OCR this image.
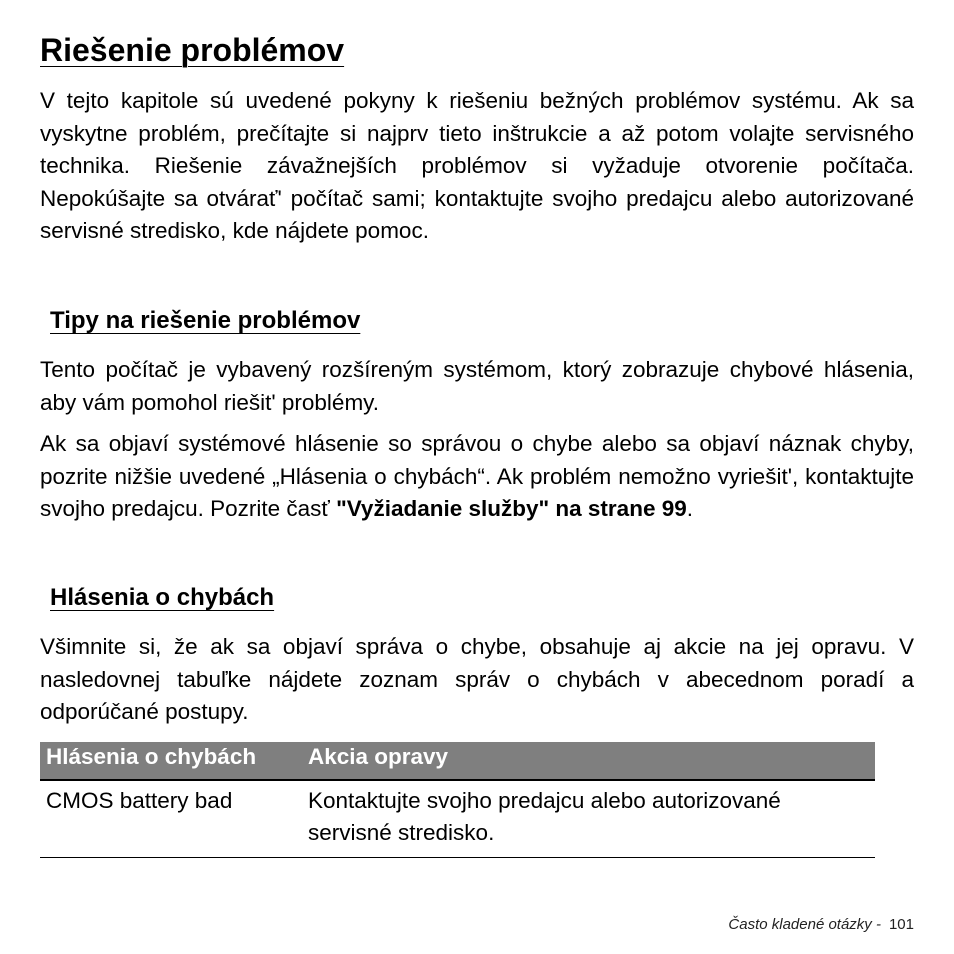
Riešenie problémov

V tejto kapitole sú uvedené pokyny k riešeniu bežných problémov systému. Ak sa vyskytne problém, prečítajte si najprv tieto inštrukcie a až potom volajte servisného technika. Riešenie závažnejších problémov si vyžaduje otvorenie počítača. Nepokúšajte sa otvárať' počítač sami; kontaktujte svojho predajcu alebo autorizované servisné stredisko, kde nájdete pomoc.

Tipy na riešenie problémov

Tento počítač je vybavený rozšíreným systémom, ktorý zobrazuje chybové hlásenia, aby vám pomohol riešit' problémy.

Ak sa objaví systémové hlásenie so správou o chybe alebo sa objaví náznak chyby, pozrite nižšie uvedené „Hlásenia o chybách“. Ak problém nemožno vyriešit', kontaktujte svojho predajcu. Pozrite časť "Vyžiadanie služby" na strane 99.

Hlásenia o chybách

Všimnite si, že ak sa objaví správa o chybe, obsahuje aj akcie na jej opravu. V nasledovnej tabuľke nájdete zoznam správ o chybách v abecednom poradí a odporúčané postupy.

Hlásenia o chybách	Akcia opravy
CMOS battery bad	Kontaktujte svojho predajcu alebo autorizované servisné stredisko.
Často kladené otázky - 101
